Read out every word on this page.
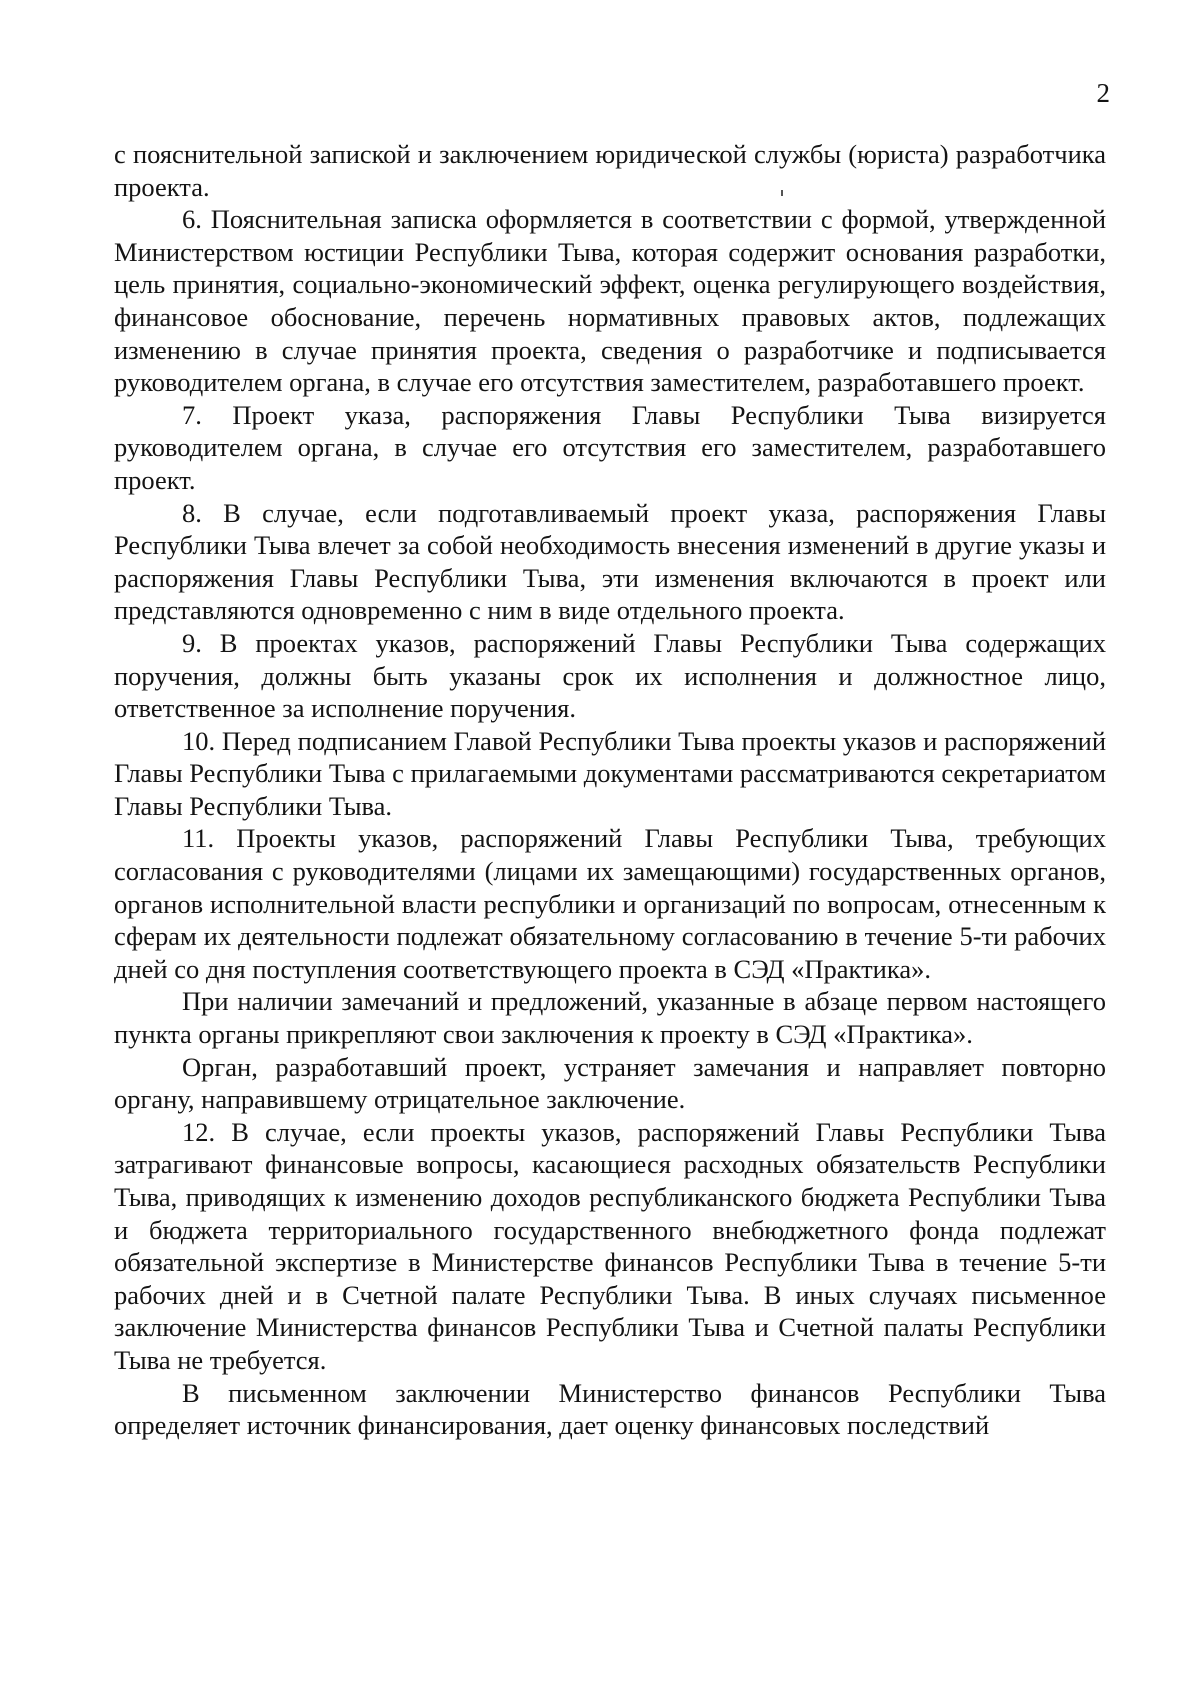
2

с пояснительной запиской и заключением юридической службы (юриста) разработчика проекта.

6. Пояснительная записка оформляется в соответствии с формой, утвержденной Министерством юстиции Республики Тыва, которая содержит основания разработки, цель принятия, социально-экономический эффект, оценка регулирующего воздействия, финансовое обоснование, перечень нормативных правовых актов, подлежащих изменению в случае принятия проекта, сведения о разработчике и подписывается руководителем органа, в случае его отсутствия заместителем, разработавшего проект.

7. Проект указа, распоряжения Главы Республики Тыва визируется руководителем органа, в случае его отсутствия его заместителем, разработавшего проект.

8. В случае, если подготавливаемый проект указа, распоряжения Главы Республики Тыва влечет за собой необходимость внесения изменений в другие указы и распоряжения Главы Республики Тыва, эти изменения включаются в проект или представляются одновременно с ним в виде отдельного проекта.

9. В проектах указов, распоряжений Главы Республики Тыва содержащих поручения, должны быть указаны срок их исполнения и должностное лицо, ответственное за исполнение поручения.

10. Перед подписанием Главой Республики Тыва проекты указов и распоряжений Главы Республики Тыва с прилагаемыми документами рассматриваются секретариатом Главы Республики Тыва.

11. Проекты указов, распоряжений Главы Республики Тыва, требующих согласования с руководителями (лицами их замещающими) государственных органов, органов исполнительной власти республики и организаций по вопросам, отнесенным к сферам их деятельности подлежат обязательному согласованию в течение 5-ти рабочих дней со дня поступления соответствующего проекта в СЭД «Практика».

При наличии замечаний и предложений, указанные в абзаце первом настоящего пункта органы прикрепляют свои заключения к проекту в СЭД «Практика».

Орган, разработавший проект, устраняет замечания и направляет повторно органу, направившему отрицательное заключение.

12. В случае, если проекты указов, распоряжений Главы Республики Тыва затрагивают финансовые вопросы, касающиеся расходных обязательств Республики Тыва, приводящих к изменению доходов республиканского бюджета Республики Тыва и бюджета территориального государственного внебюджетного фонда подлежат обязательной экспертизе в Министерстве финансов Республики Тыва в течение 5-ти рабочих дней и в Счетной палате Республики Тыва. В иных случаях письменное заключение Министерства финансов Республики Тыва и Счетной палаты Республики Тыва не требуется.

В письменном заключении Министерство финансов Республики Тыва определяет источник финансирования, дает оценку финансовых последствий
